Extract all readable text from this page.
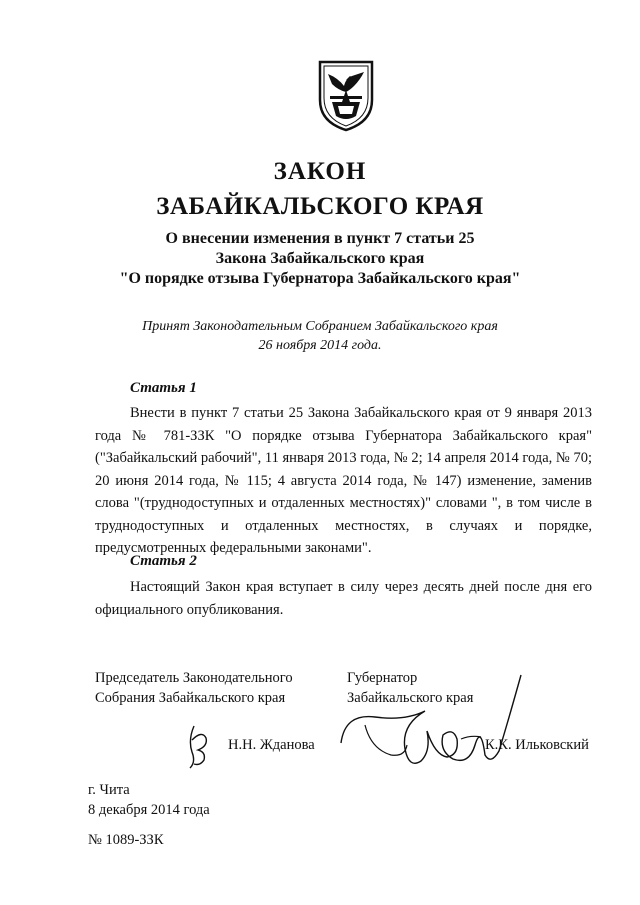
ЗАКОН
ЗАБАЙКАЛЬСКОГО КРАЯ
О внесении изменения в пункт 7 статьи 25
Закона Забайкальского края
"О порядке отзыва Губернатора Забайкальского края"
Принят Законодательным Собранием Забайкальского края
26 ноября 2014 года.
Статья 1
Внести в пункт 7 статьи 25 Закона Забайкальского края от 9 января 2013 года № 781-ЗЗК "О порядке отзыва Губернатора Забайкальского края" ("Забайкальский рабочий", 11 января 2013 года, № 2; 14 апреля 2014 года, № 70; 20 июня 2014 года, № 115; 4 августа 2014 года, № 147) изменение, заменив слова "(труднодоступных и отдаленных местностях)" словами ", в том числе в труднодоступных и отдаленных местностях, в случаях и порядке, предусмотренных федеральными законами".
Статья 2
Настоящий Закон края вступает в силу через десять дней после дня его официального опубликования.
Председатель Законодательного
Собрания Забайкальского края
Губернатор
Забайкальского края
Н.Н. Жданова	К.К. Ильковский
г. Чита
8 декабря 2014 года
№ 1089-ЗЗК
